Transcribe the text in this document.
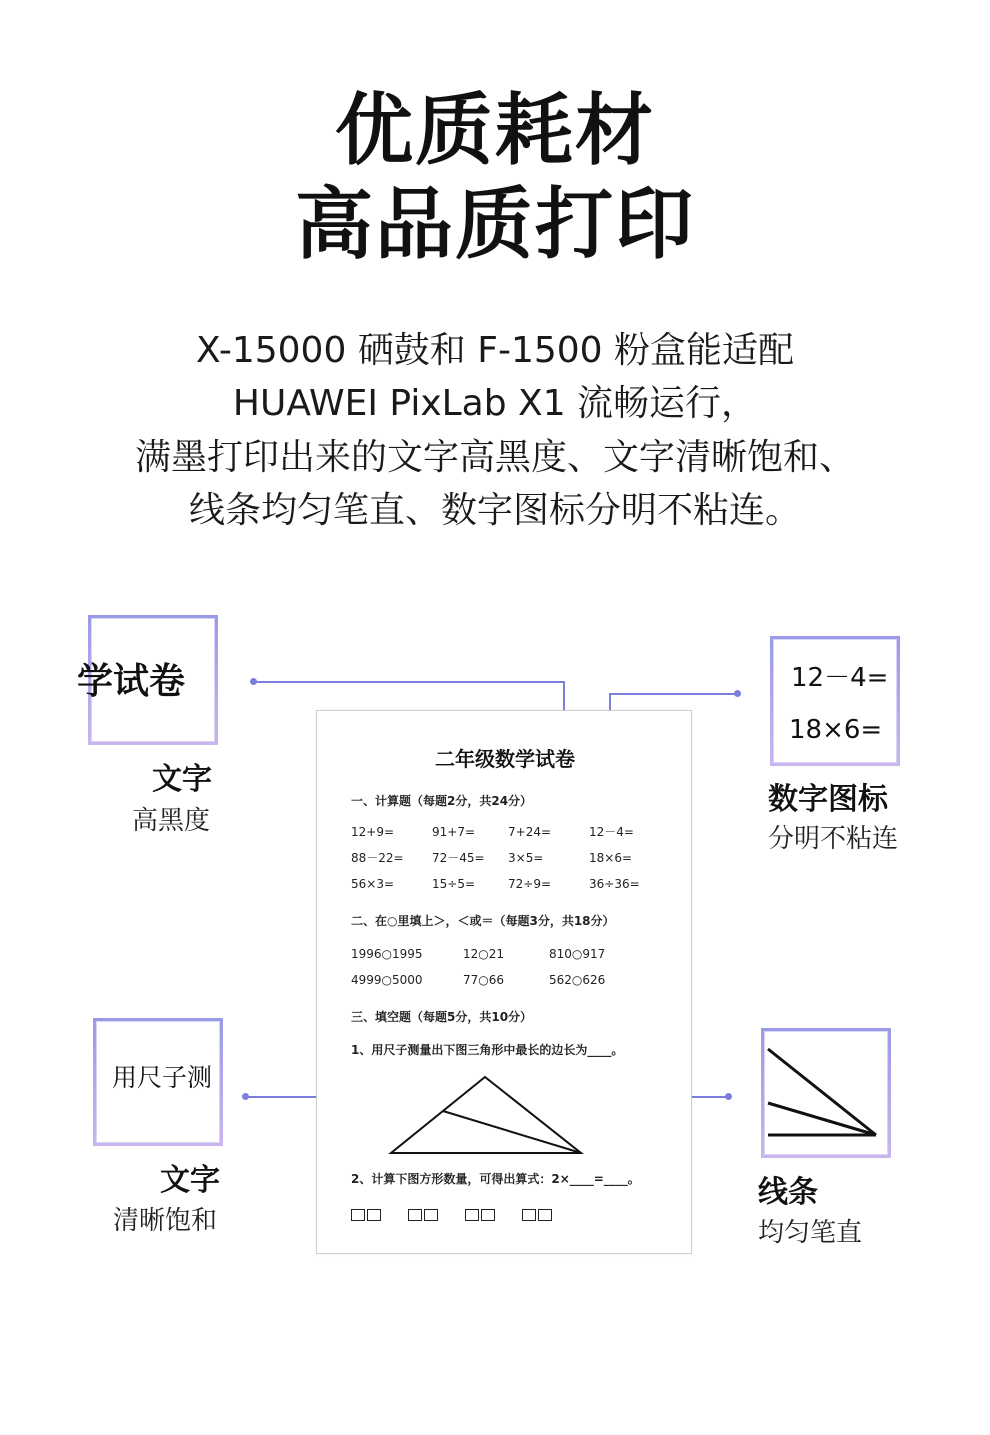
优质耗材
高品质打印
X-15000 硒鼓和 F-1500 粉盒能适配
HUAWEI PixLab X1 流畅运行，
满墨打印出来的文字高黑度、文字清晰饱和、
线条均匀笔直、数字图标分明不粘连。
学试卷
文字
高黑度
12－4=
18×6=
数字图标
分明不粘连
用尺子测
文字
清晰饱和
线条
均匀笔直
二年级数学试卷
一、计算题（每题2分，共24分）
12+9=	91+7=	7+24=	12－4=
88－22= 72－45= 3×5=	18×6=
56×3=	15÷5=	72÷9=	36÷36=
二、在○里填上＞，＜或＝（每题3分，共18分）
1996○1995	12○21	810○917
4999○5000	77○66	562○626
三、填空题（每题5分，共10分）
1、用尺子测量出下图三角形中最长的边长为____。
2、计算下图方形数量，可得出算式：2×____=____。
